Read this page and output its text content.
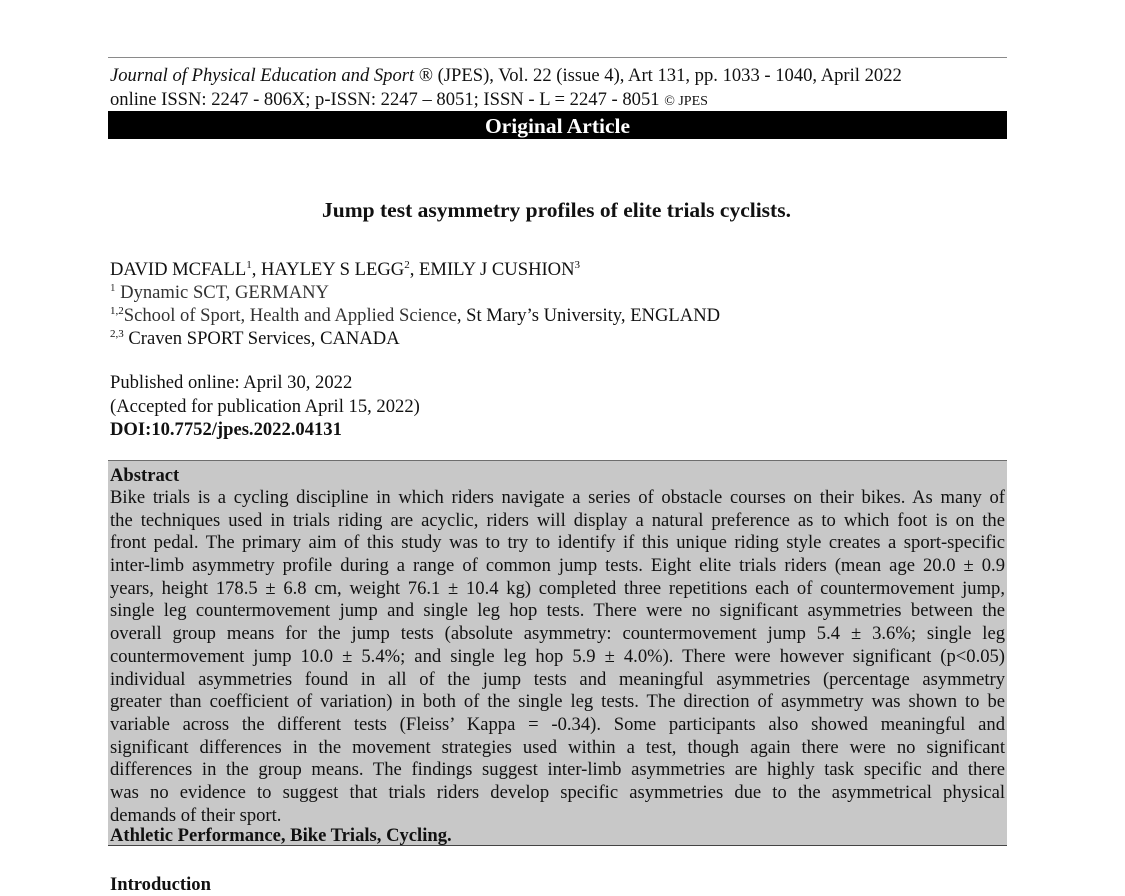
Journal of Physical Education and Sport ® (JPES), Vol. 22 (issue 4), Art 131, pp. 1033 - 1040, April 2022
online ISSN: 2247 - 806X; p-ISSN: 2247 – 8051; ISSN - L = 2247 - 8051 © JPES
Original Article
Jump test asymmetry profiles of elite trials cyclists.
DAVID MCFALL$^1$, HAYLEY S LEGG$^2$, EMILY J CUSHION$^3$
$^1$ Dynamic SCT, GERMANY
$^{1,2}$School of Sport, Health and Applied Science, St Mary’s University, ENGLAND
$^{2,3}$ Craven SPORT Services, CANADA
Published online: April 30, 2022
(Accepted for publication April 15, 2022)
DOI:10.7752/jpes.2022.04131
Abstract
Bike trials is a cycling discipline in which riders navigate a series of obstacle courses on their bikes. As many of
the techniques used in trials riding are acyclic, riders will display a natural preference as to which foot is on the
front pedal. The primary aim of this study was to try to identify if this unique riding style creates a sport-specific
inter-limb asymmetry profile during a range of common jump tests. Eight elite trials riders (mean age 20.0 ± 0.9
years, height 178.5 ± 6.8 cm, weight 76.1 ± 10.4 kg) completed three repetitions each of countermovement jump,
single leg countermovement jump and single leg hop tests. There were no significant asymmetries between the
overall group means for the jump tests (absolute asymmetry: countermovement jump 5.4 ± 3.6%; single leg
countermovement jump 10.0 ± 5.4%; and single leg hop 5.9 ± 4.0%). There were however significant (p<0.05)
individual asymmetries found in all of the jump tests and meaningful asymmetries (percentage asymmetry
greater than coefficient of variation) in both of the single leg tests. The direction of asymmetry was shown to be
variable across the different tests (Fleiss’ Kappa = -0.34). Some participants also showed meaningful and
significant differences in the movement strategies used within a test, though again there were no significant
differences in the group means. The findings suggest inter-limb asymmetries are highly task specific and there
was no evidence to suggest that trials riders develop specific asymmetries due to the asymmetrical physical
demands of their sport.
Athletic Performance, Bike Trials, Cycling.
Introduction
